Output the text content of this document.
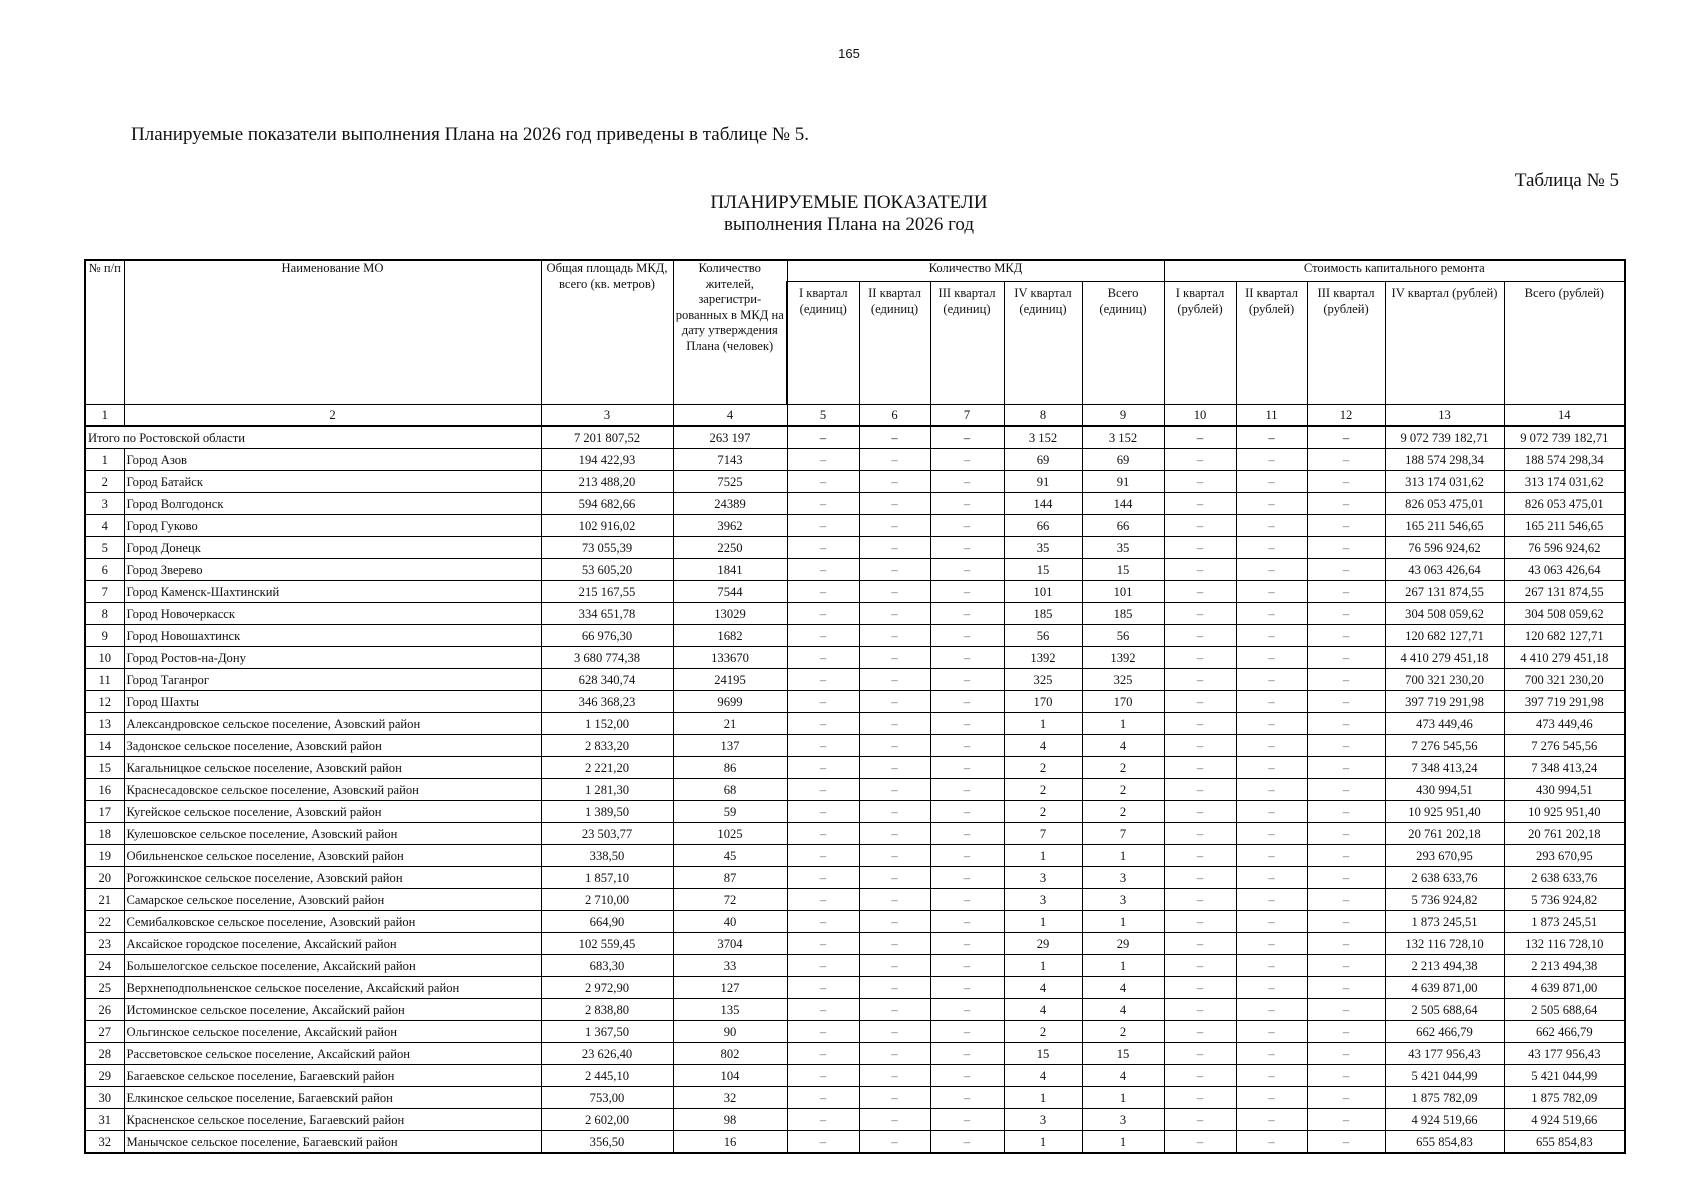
165
Планируемые показатели выполнения Плана на 2026 год приведены в таблице № 5.
Таблица № 5
ПЛАНИРУЕМЫЕ ПОКАЗАТЕЛИ
выполнения Плана на 2026 год
№ п/п	Наименование МО	Общая площадь МКД, всего (кв. метров)	Количество жителей, зарегистри-рованных в МКД на дату утверждения Плана (человек)	Количество МКД					Стоимость капитального ремонта				
				I квартал (единиц)	II квартал (единиц)	III квартал (единиц)	IV квартал (единиц)	Всего (единиц)	I квартал (рублей)	II квартал (рублей)	III квартал (рублей)	IV квартал (рублей)	Всего (рублей)
1	2	3	4	5	6	7	8	9	10	11	12	13	14
Итого по Ростовской области		7 201 807,52	263 197	–	–	–	3 152	3 152	–	–	–	9 072 739 182,71	9 072 739 182,71
1	Город Азов	194 422,93	7143	–	–	–	69	69	–	–	–	188 574 298,34	188 574 298,34
2	Город Батайск	213 488,20	7525	–	–	–	91	91	–	–	–	313 174 031,62	313 174 031,62
3	Город Волгодонск	594 682,66	24389	–	–	–	144	144	–	–	–	826 053 475,01	826 053 475,01
4	Город Гуково	102 916,02	3962	–	–	–	66	66	–	–	–	165 211 546,65	165 211 546,65
5	Город Донецк	73 055,39	2250	–	–	–	35	35	–	–	–	76 596 924,62	76 596 924,62
6	Город Зверево	53 605,20	1841	–	–	–	15	15	–	–	–	43 063 426,64	43 063 426,64
7	Город Каменск-Шахтинский	215 167,55	7544	–	–	–	101	101	–	–	–	267 131 874,55	267 131 874,55
8	Город Новочеркасск	334 651,78	13029	–	–	–	185	185	–	–	–	304 508 059,62	304 508 059,62
9	Город Новошахтинск	66 976,30	1682	–	–	–	56	56	–	–	–	120 682 127,71	120 682 127,71
10	Город Ростов-на-Дону	3 680 774,38	133670	–	–	–	1392	1392	–	–	–	4 410 279 451,18	4 410 279 451,18
11	Город Таганрог	628 340,74	24195	–	–	–	325	325	–	–	–	700 321 230,20	700 321 230,20
12	Город Шахты	346 368,23	9699	–	–	–	170	170	–	–	–	397 719 291,98	397 719 291,98
13	Александровское сельское поселение, Азовский район	1 152,00	21	–	–	–	1	1	–	–	–	473 449,46	473 449,46
14	Задонское сельское поселение, Азовский район	2 833,20	137	–	–	–	4	4	–	–	–	7 276 545,56	7 276 545,56
15	Кагальницкое сельское поселение, Азовский район	2 221,20	86	–	–	–	2	2	–	–	–	7 348 413,24	7 348 413,24
16	Краснесадовское сельское поселение, Азовский район	1 281,30	68	–	–	–	2	2	–	–	–	430 994,51	430 994,51
17	Кугейское сельское поселение, Азовский район	1 389,50	59	–	–	–	2	2	–	–	–	10 925 951,40	10 925 951,40
18	Кулешовское сельское поселение, Азовский район	23 503,77	1025	–	–	–	7	7	–	–	–	20 761 202,18	20 761 202,18
19	Обильненское сельское поселение, Азовский район	338,50	45	–	–	–	1	1	–	–	–	293 670,95	293 670,95
20	Рогожкинское сельское поселение, Азовский район	1 857,10	87	–	–	–	3	3	–	–	–	2 638 633,76	2 638 633,76
21	Самарское сельское поселение, Азовский район	2 710,00	72	–	–	–	3	3	–	–	–	5 736 924,82	5 736 924,82
22	Семибалковское сельское поселение, Азовский район	664,90	40	–	–	–	1	1	–	–	–	1 873 245,51	1 873 245,51
23	Аксайское городское поселение, Аксайский район	102 559,45	3704	–	–	–	29	29	–	–	–	132 116 728,10	132 116 728,10
24	Большелогское сельское поселение, Аксайский район	683,30	33	–	–	–	1	1	–	–	–	2 213 494,38	2 213 494,38
25	Верхнеподпольненское сельское поселение, Аксайский район	2 972,90	127	–	–	–	4	4	–	–	–	4 639 871,00	4 639 871,00
26	Истоминское сельское поселение, Аксайский район	2 838,80	135	–	–	–	4	4	–	–	–	2 505 688,64	2 505 688,64
27	Ольгинское сельское поселение, Аксайский район	1 367,50	90	–	–	–	2	2	–	–	–	662 466,79	662 466,79
28	Рассветовское сельское поселение, Аксайский район	23 626,40	802	–	–	–	15	15	–	–	–	43 177 956,43	43 177 956,43
29	Багаевское сельское поселение, Багаевский район	2 445,10	104	–	–	–	4	4	–	–	–	5 421 044,99	5 421 044,99
30	Елкинское сельское поселение, Багаевский район	753,00	32	–	–	–	1	1	–	–	–	1 875 782,09	1 875 782,09
31	Красненское сельское поселение, Багаевский район	2 602,00	98	–	–	–	3	3	–	–	–	4 924 519,66	4 924 519,66
32	Манычское сельское поселение, Багаевский район	356,50	16	–	–	–	1	1	–	–	–	655 854,83	655 854,83
